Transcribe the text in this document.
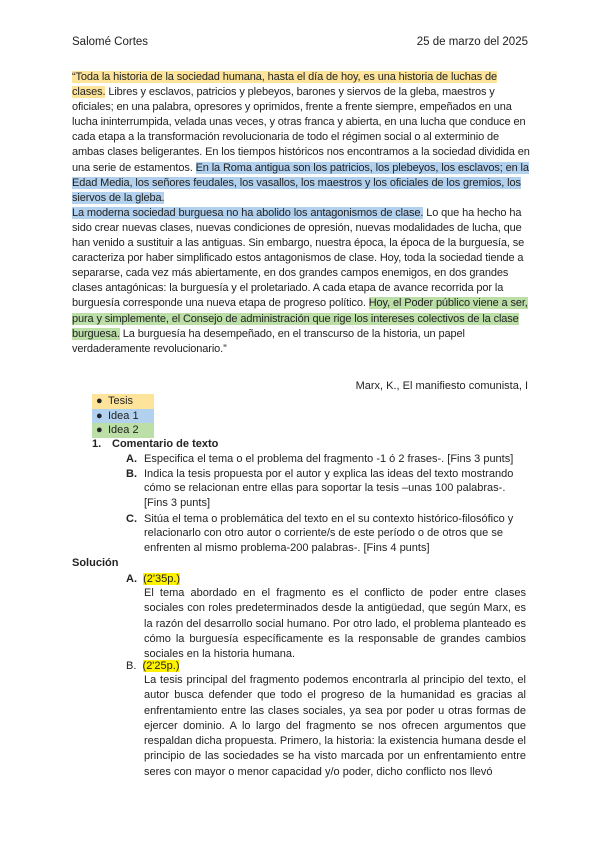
Salomé Cortes	25 de marzo del 2025

“Toda la historia de la sociedad humana, hasta el día de hoy, es una historia de luchas de clases. Libres y esclavos, patricios y plebeyos, barones y siervos de la gleba, maestros y oficiales; en una palabra, opresores y oprimidos, frente a frente siempre, empeñados en una lucha ininterrumpida, velada unas veces, y otras franca y abierta, en una lucha que conduce en cada etapa a la transformación revolucionaria de todo el régimen social o al exterminio de ambas clases beligerantes. En los tiempos históricos nos encontramos a la sociedad dividida en una serie de estamentos. En la Roma antigua son los patricios, los plebeyos, los esclavos; en la Edad Media, los señores feudales, los vasallos, los maestros y los oficiales de los gremios, los siervos de la gleba.
La moderna sociedad burguesa no ha abolido los antagonismos de clase. Lo que ha hecho ha sido crear nuevas clases, nuevas condiciones de opresión, nuevas modalidades de lucha, que han venido a sustituir a las antiguas. Sin embargo, nuestra época, la época de la burguesía, se caracteriza por haber simplificado estos antagonismos de clase. Hoy, toda la sociedad tiende a separarse, cada vez más abiertamente, en dos grandes campos enemigos, en dos grandes clases antagónicas: la burguesía y el proletariado. A cada etapa de avance recorrida por la burguesía corresponde una nueva etapa de progreso político. Hoy, el Poder público viene a ser, pura y simplemente, el Consejo de administración que rige los intereses colectivos de la clase burguesa. La burguesía ha desempeñado, en el transcurso de la historia, un papel verdaderamente revolucionario.”

Marx, K., El manifiesto comunista, I
● Tesis
● Idea 1
● Idea 2
1. Comentario de texto
A. Especifica el tema o el problema del fragmento -1 ó 2 frases-. [Fins 3 punts]
B. Indica la tesis propuesta por el autor y explica las ideas del texto mostrando cómo se relacionan entre ellas para soportar la tesis –unas 100 palabras-. [Fins 3 punts]
C. Sitúa el tema o problemática del texto en el su contexto histórico-filosófico y relacionarlo con otro autor o corriente/s de este período o de otros que se enfrenten al mismo problema-200 palabras-. [Fins 4 punts]
Solución
A. (2'35p.)
El tema abordado en el fragmento es el conflicto de poder entre clases sociales con roles predeterminados desde la antigüedad, que según Marx, es la razón del desarrollo social humano. Por otro lado, el problema planteado es cómo la burguesía específicamente es la responsable de grandes cambios sociales en la historia humana.
B. (2'25p.)
La tesis principal del fragmento podemos encontrarla al principio del texto, el autor busca defender que todo el progreso de la humanidad es gracias al enfrentamiento entre las clases sociales, ya sea por poder u otras formas de ejercer dominio. A lo largo del fragmento se nos ofrecen argumentos que respaldan dicha propuesta. Primero, la historia: la existencia humana desde el principio de las sociedades se ha visto marcada por un enfrentamiento entre seres con mayor o menor capacidad y/o poder, dicho conflicto nos llevó
